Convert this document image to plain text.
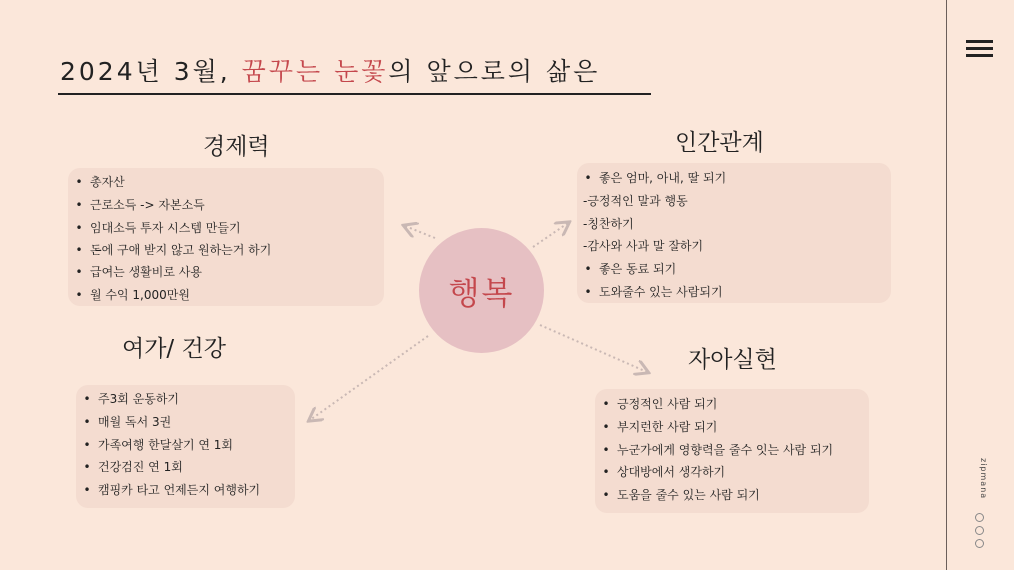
2024년 3월, 꿈꾸는 눈꽃의 앞으로의 삶은
zipmana
행복
경제력
• 총자산
• 근로소득 -> 자본소득
• 임대소득 투자 시스템 만들기
• 돈에 구애 받지 않고 원하는거 하기
• 급여는 생활비로 사용
• 월 수익 1,000만원
인간관계
• 좋은 엄마, 아내, 딸 되기
-긍정적인 말과 행동
-칭찬하기
-감사와 사과 말 잘하기
• 좋은 동료 되기
• 도와줄수 있는 사람되기
여가/ 건강
• 주3회 운동하기
• 매월 독서 3권
• 가족여행 한달살기 연 1회
• 건강검진 연 1회
• 캠핑카 타고 언제든지 여행하기
자아실현
• 긍정적인 사람 되기
• 부지런한 사람 되기
• 누군가에게 영향력을 줄수 잇는 사람 되기
• 상대방에서 생각하기
• 도움을 줄수 있는 사람 되기
